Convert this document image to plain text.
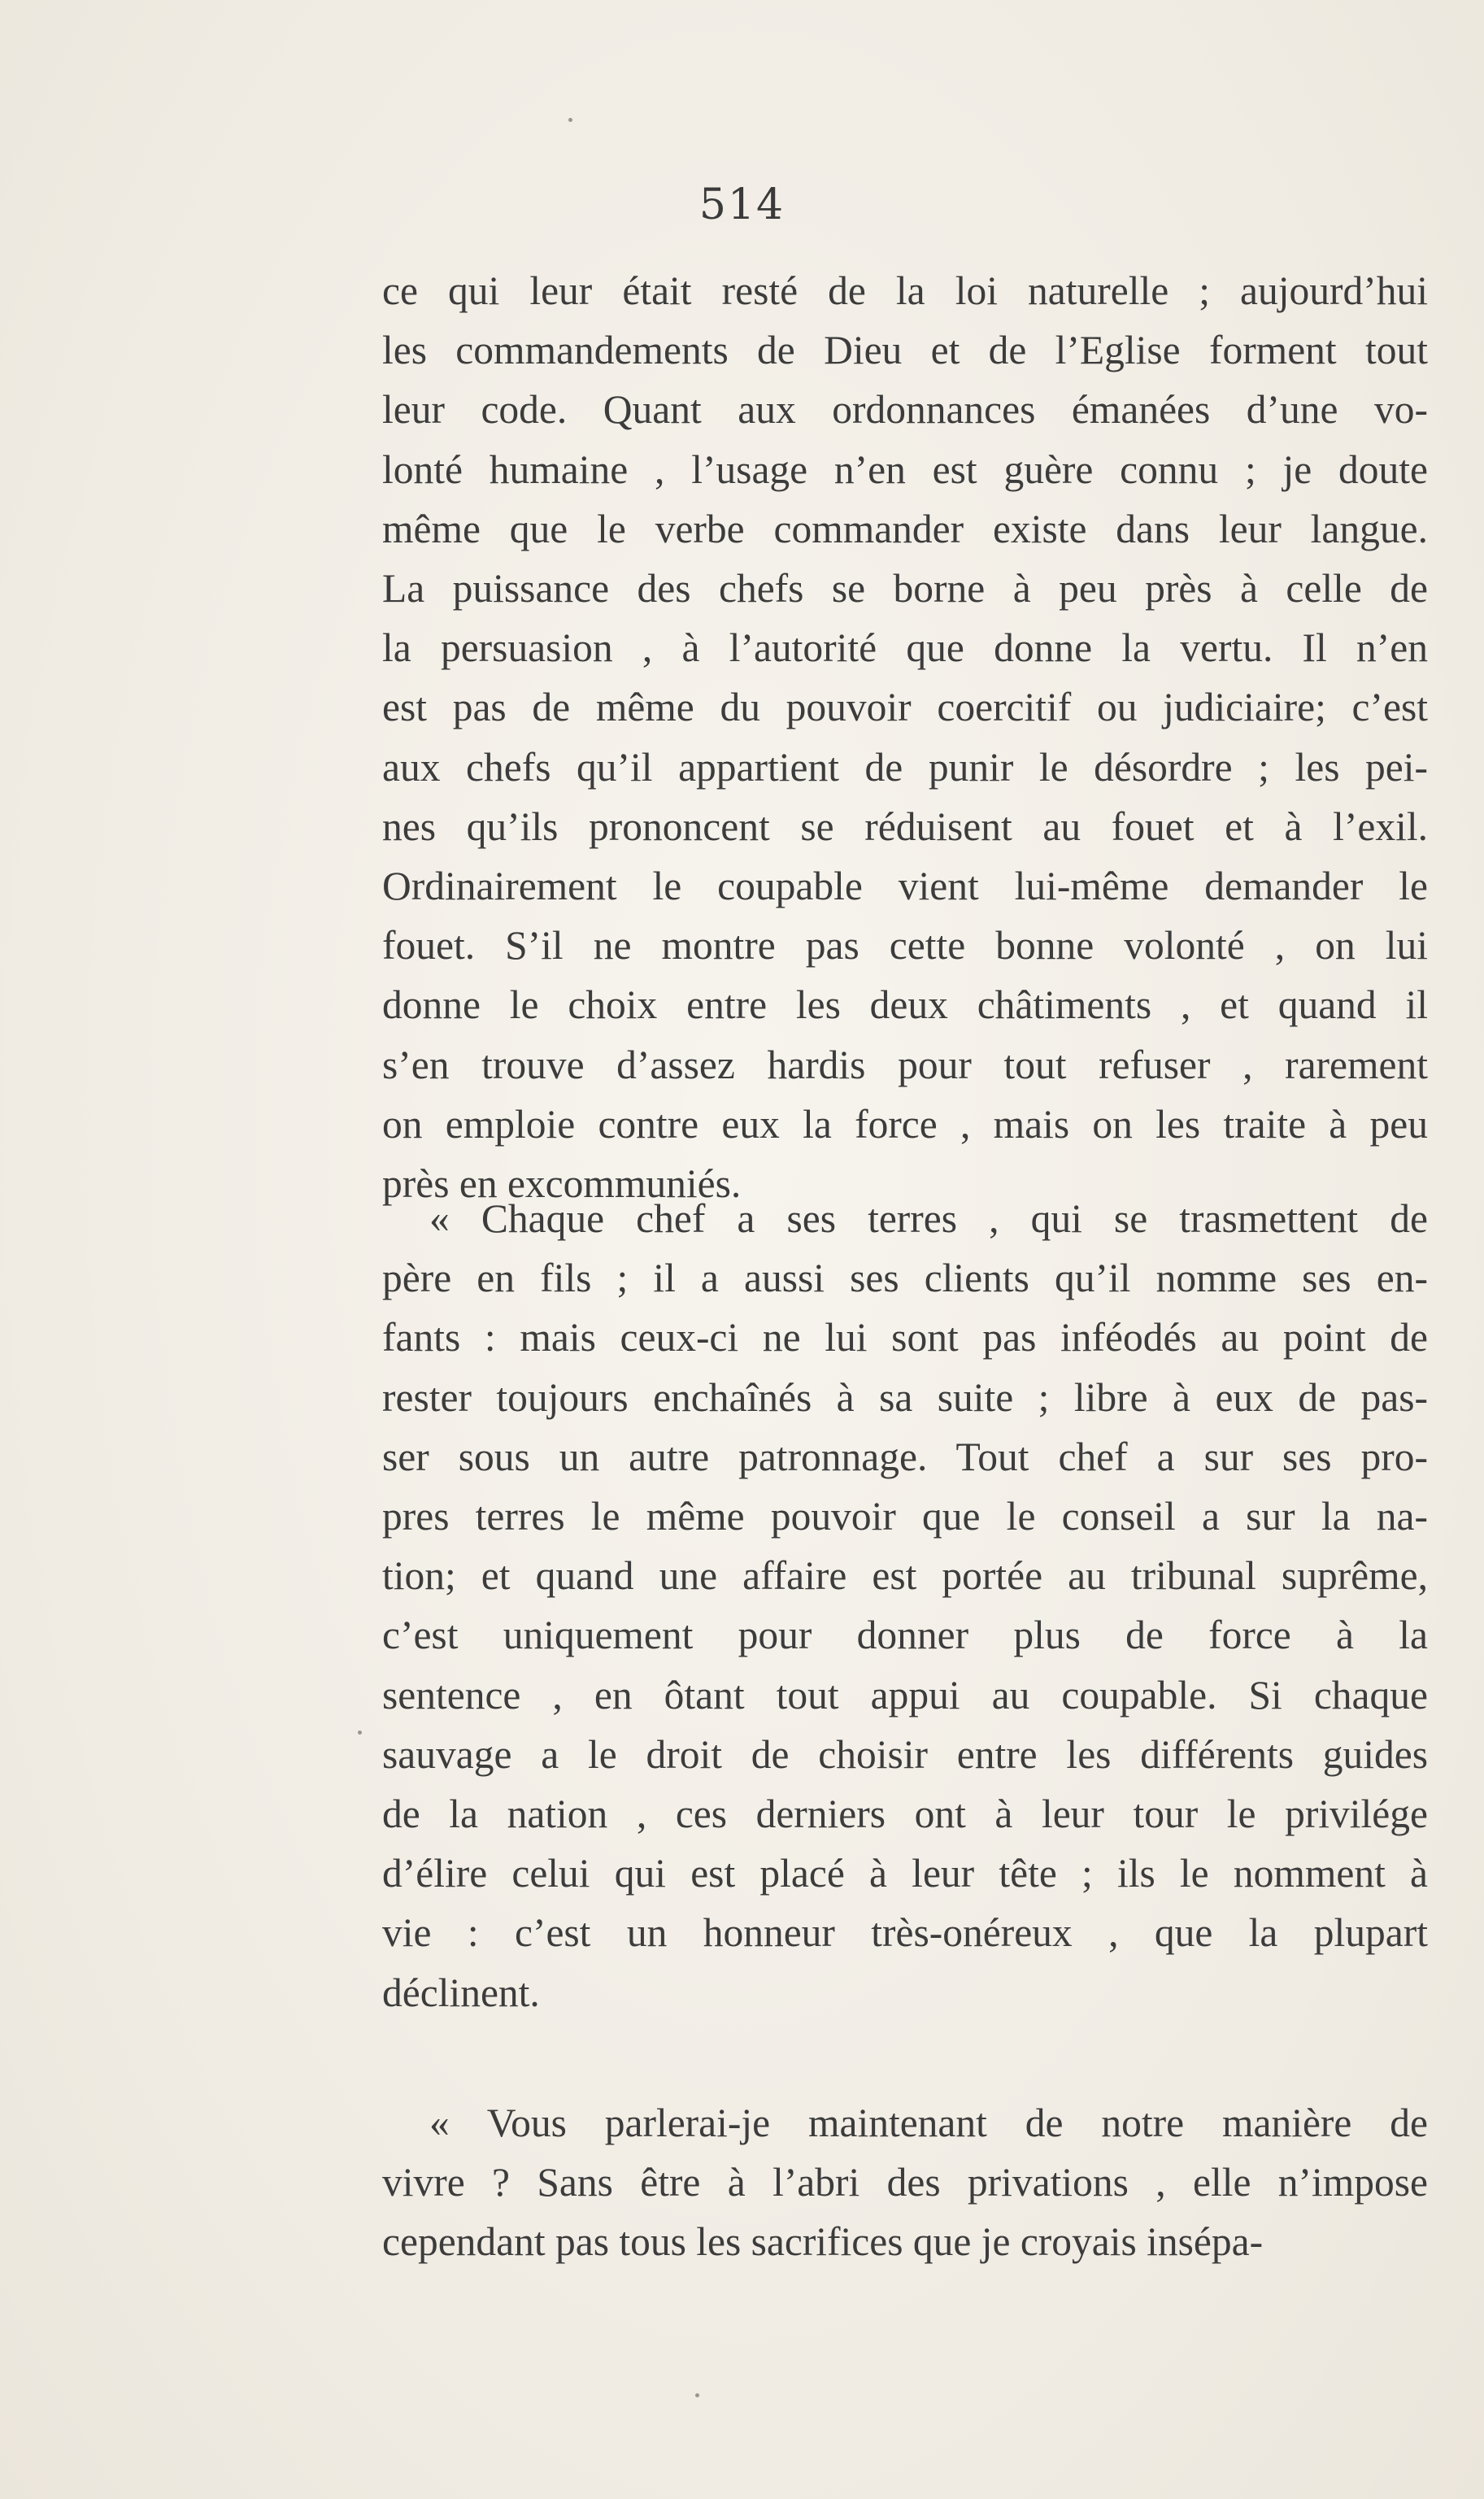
514
ce qui leur était resté de la loi naturelle ; aujourd’hui
les commandements de Dieu et de l’Eglise forment tout
leur code. Quant aux ordonnances émanées d’une vo-
lonté humaine , l’usage n’en est guère connu ; je doute
même que le verbe commander existe dans leur langue.
La puissance des chefs se borne à peu près à celle de
la persuasion , à l’autorité que donne la vertu. Il n’en
est pas de même du pouvoir coercitif ou judiciaire; c’est
aux chefs qu’il appartient de punir le désordre ; les pei-
nes qu’ils prononcent se réduisent au fouet et à l’exil.
Ordinairement le coupable vient lui-même demander le
fouet. S’il ne montre pas cette bonne volonté , on lui
donne le choix entre les deux châtiments , et quand il
s’en trouve d’assez hardis pour tout refuser , rarement
on emploie contre eux la force , mais on les traite à peu
près en excommuniés.
« Chaque chef a ses terres , qui se trasmettent de
père en fils ; il a aussi ses clients qu’il nomme ses en-
fants : mais ceux-ci ne lui sont pas inféodés au point de
rester toujours enchaînés à sa suite ; libre à eux de pas-
ser sous un autre patronnage. Tout chef a sur ses pro-
pres terres le même pouvoir que le conseil a sur la na-
tion; et quand une affaire est portée au tribunal suprême,
c’est uniquement pour donner plus de force à la
sentence , en ôtant tout appui au coupable. Si chaque
sauvage a le droit de choisir entre les différents guides
de la nation , ces derniers ont à leur tour le privilége
d’élire celui qui est placé à leur tête ; ils le nomment à
vie : c’est un honneur très-onéreux , que la plupart
déclinent.
« Vous parlerai-je maintenant de notre manière de
vivre ? Sans être à l’abri des privations , elle n’impose
cependant pas tous les sacrifices que je croyais insépa-
